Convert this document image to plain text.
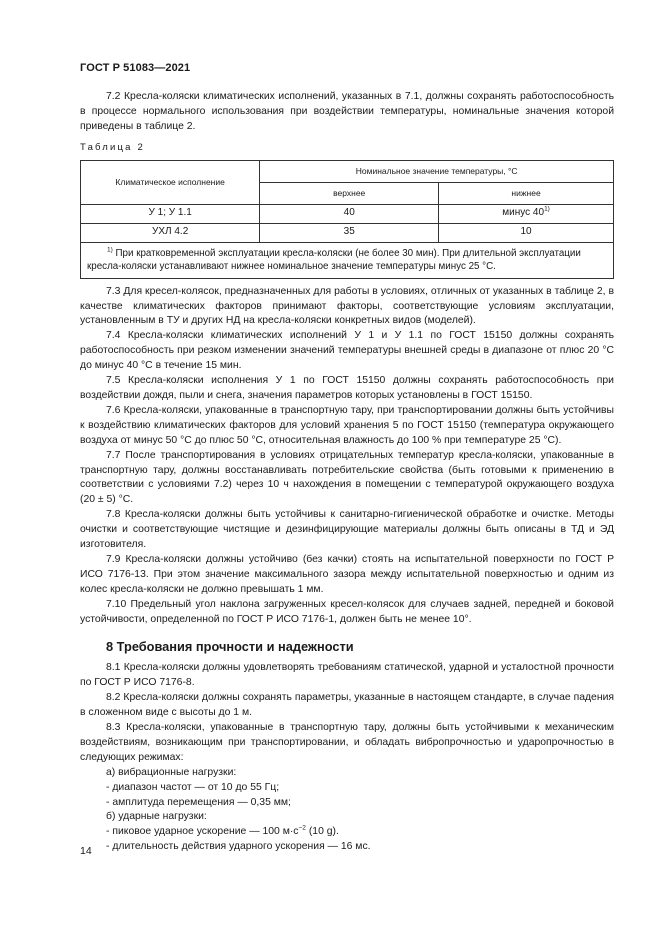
ГОСТ Р 51083—2021

7.2 Кресла-коляски климатических исполнений, указанных в 7.1, должны сохранять работоспособность в процессе нормального использования при воздействии температуры, номинальные значения которой приведены в таблице 2.

Таблица 2
Климатическое исполнение	Номинальное значение температуры, °С	
	верхнее	нижнее
У 1; У 1.1	40	минус 40$^{1)}$
УХЛ 4.2	35	10
$^{1)}$ При кратковременной эксплуатации кресла-коляски (не более 30 мин). При длительной эксплуатации кресла-коляски устанавливают нижнее номинальное значение температуры минус 25 °С.		

7.3 Для кресел-колясок, предназначенных для работы в условиях, отличных от указанных в таблице 2, в качестве климатических факторов принимают факторы, соответствующие условиям эксплуатации, установленным в ТУ и других НД на кресла-коляски конкретных видов (моделей).

7.4 Кресла-коляски климатических исполнений У 1 и У 1.1 по ГОСТ 15150 должны сохранять работоспособность при резком изменении значений температуры внешней среды в диапазоне от плюс 20 °С до минус 40 °С в течение 15 мин.

7.5 Кресла-коляски исполнения У 1 по ГОСТ 15150 должны сохранять работоспособность при воздействии дождя, пыли и снега, значения параметров которых установлены в ГОСТ 15150.

7.6 Кресла-коляски, упакованные в транспортную тару, при транспортировании должны быть устойчивы к воздействию климатических факторов для условий хранения 5 по ГОСТ 15150 (температура окружающего воздуха от минус 50 °С до плюс 50 °С, относительная влажность до 100 % при температуре 25 °С).

7.7 После транспортирования в условиях отрицательных температур кресла-коляски, упакованные в транспортную тару, должны восстанавливать потребительские свойства (быть готовыми к применению в соответствии с условиями 7.2) через 10 ч нахождения в помещении с температурой окружающего воздуха (20 ± 5) °С.

7.8 Кресла-коляски должны быть устойчивы к санитарно-гигиенической обработке и очистке. Методы очистки и соответствующие чистящие и дезинфицирующие материалы должны быть описаны в ТД и ЭД изготовителя.

7.9 Кресла-коляски должны устойчиво (без качки) стоять на испытательной поверхности по ГОСТ Р ИСО 7176-13. При этом значение максимального зазора между испытательной поверхностью и одним из колес кресла-коляски не должно превышать 1 мм.

7.10 Предельный угол наклона загруженных кресел-колясок для случаев задней, передней и боковой устойчивости, определенной по ГОСТ Р ИСО 7176-1, должен быть не менее 10°.

8 Требования прочности и надежности

8.1 Кресла-коляски должны удовлетворять требованиям статической, ударной и усталостной прочности по ГОСТ Р ИСО 7176-8.

8.2 Кресла-коляски должны сохранять параметры, указанные в настоящем стандарте, в случае падения в сложенном виде с высоты до 1 м.

8.3 Кресла-коляски, упакованные в транспортную тару, должны быть устойчивыми к механическим воздействиям, возникающим при транспортировании, и обладать вибропрочностью и ударопрочностью в следующих режимах:

а) вибрационные нагрузки:

- диапазон частот — от 10 до 55 Гц;

- амплитуда перемещения — 0,35 мм;

б) ударные нагрузки:

- пиковое ударное ускорение — 100 $м\cdot с^{-2}$ (10 g).

- длительность действия ударного ускорения — 16 мс.

14
